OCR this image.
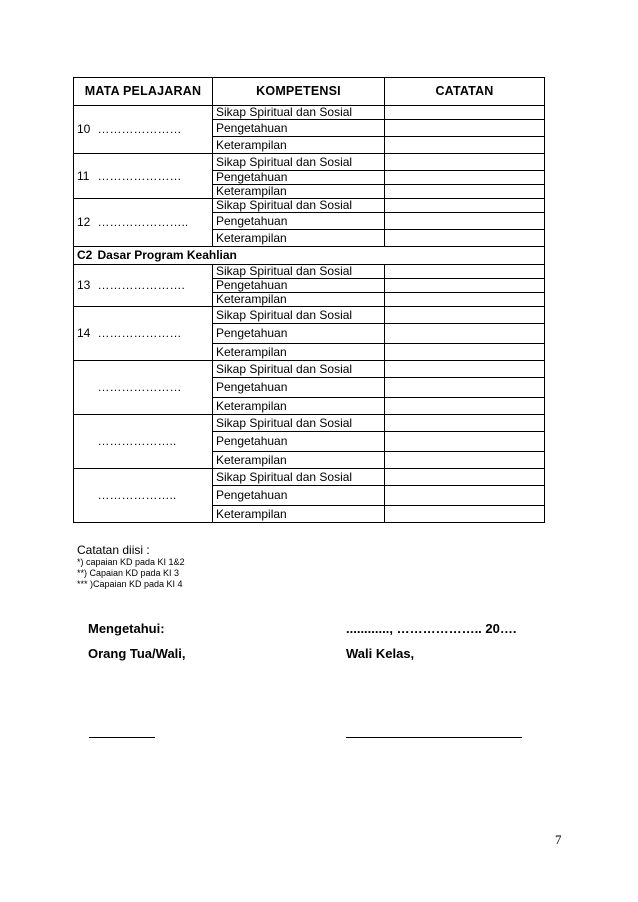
MATA PELAJARAN		KOMPETENSI	CATATAN
10	…………………	Sikap Spiritual dan Sosial	
		Pengetahuan	
		Keterampilan	
11	…………………	Sikap Spiritual dan Sosial	
		Pengetahuan	
		Keterampilan	
12	…………………..	Sikap Spiritual dan Sosial	
		Pengetahuan	
		Keterampilan	
C2	Dasar Program Keahlian		
13	………………….	Sikap Spiritual dan Sosial	
		Pengetahuan	
		Keterampilan	
14	…………………	Sikap Spiritual dan Sosial	
		Pengetahuan	
		Keterampilan	
	…………………	Sikap Spiritual dan Sosial	
		Pengetahuan	
		Keterampilan	
	………………..	Sikap Spiritual dan Sosial	
		Pengetahuan	
		Keterampilan	
	………………..	Sikap Spiritual dan Sosial	
		Pengetahuan	
		Keterampilan	
Catatan diisi :
*) capaian KD pada KI 1&2
**) Capaian KD pada KI 3
*** )Capaian KD pada KI 4
Mengetahui:
Orang Tua/Wali,
............, ……………….. 20….
Wali Kelas,
7
